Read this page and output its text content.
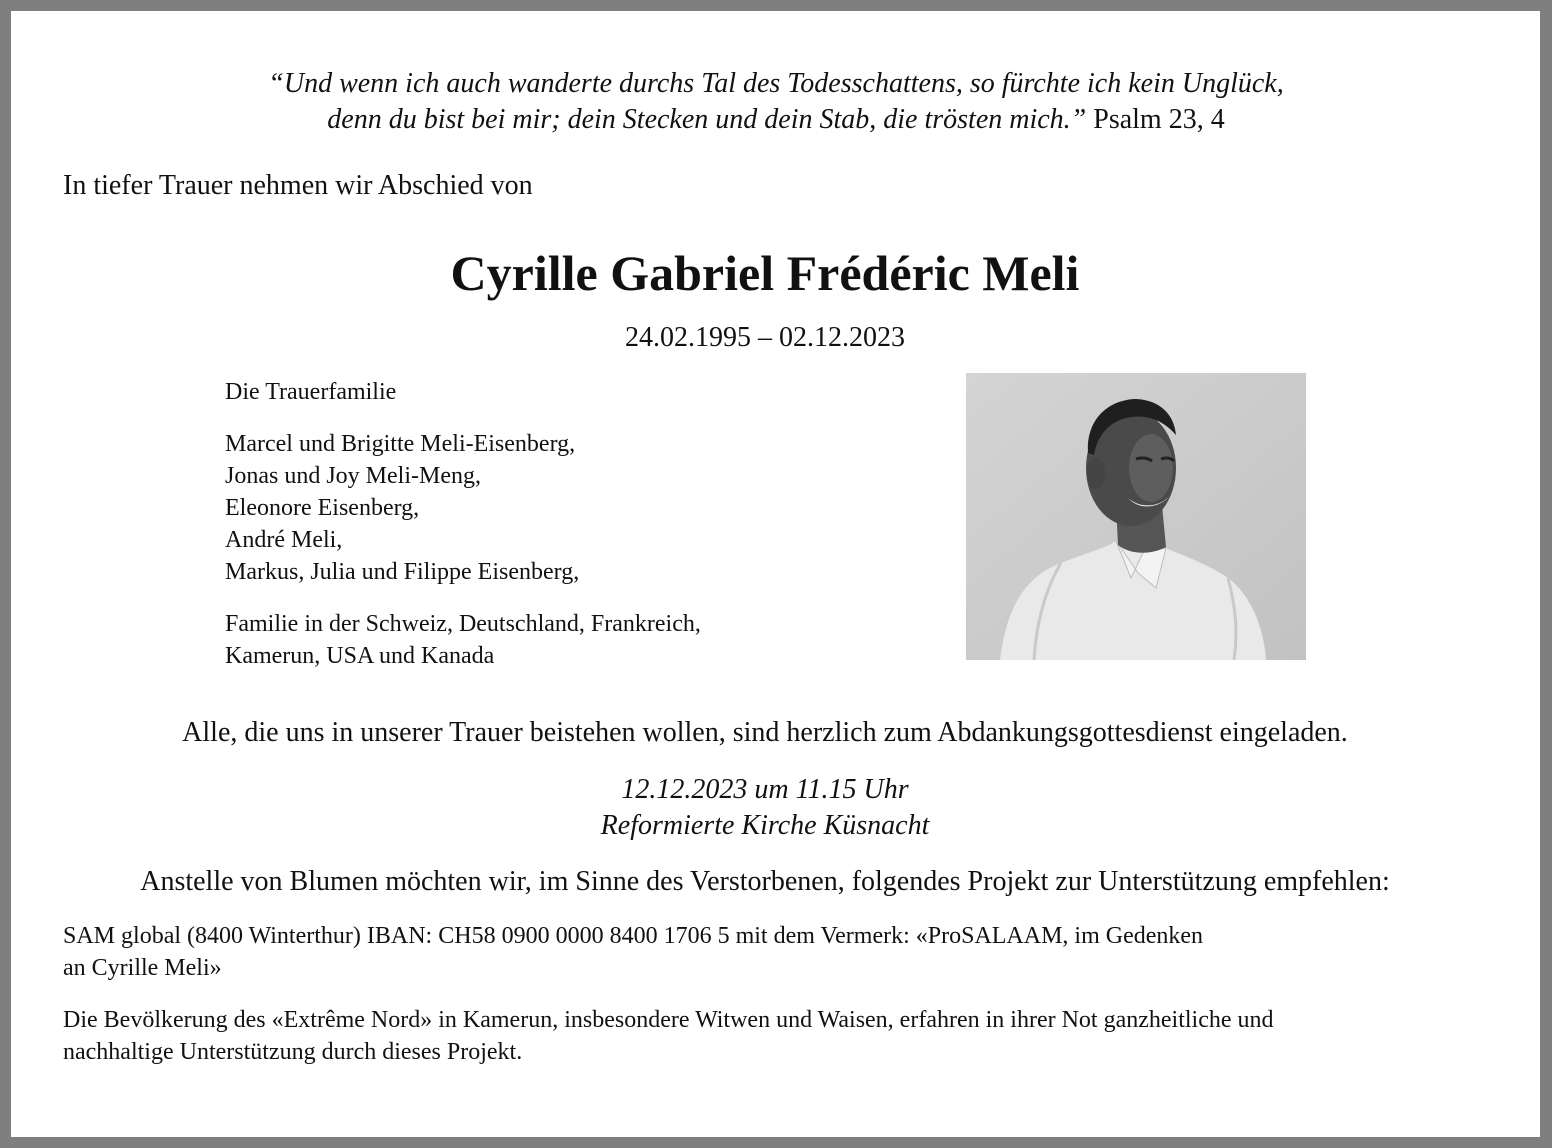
“Und wenn ich auch wanderte durchs Tal des Todesschattens, so fürchte ich kein Unglück,
denn du bist bei mir; dein Stecken und dein Stab, die trösten mich.” Psalm 23, 4
In tiefer Trauer nehmen wir Abschied von
Cyrille Gabriel Frédéric Meli
24.02.1995 – 02.12.2023

Die Trauerfamilie

Marcel und Brigitte Meli-Eisenberg,

Jonas und Joy Meli-Meng,

Eleonore Eisenberg,

André Meli,

Markus, Julia und Filippe Eisenberg,

Familie in der Schweiz, Deutschland, Frankreich,

Kamerun, USA und Kanada

Alle, die uns in unserer Trauer beistehen wollen, sind herzlich zum Abdankungsgottesdienst eingeladen.
12.12.2023 um 11.15 Uhr
Reformierte Kirche Küsnacht
Anstelle von Blumen möchten wir, im Sinne des Verstorbenen, folgendes Projekt zur Unterstützung empfehlen:

SAM global (8400 Winterthur) IBAN: CH58 0900 0000 8400 1706 5 mit dem Vermerk: «ProSALAAM, im Gedenken
an Cyrille Meli»

Die Bevölkerung des «Extrême Nord» in Kamerun, insbesondere Witwen und Waisen, erfahren in ihrer Not ganzheitliche und
nachhaltige Unterstützung durch dieses Projekt.
